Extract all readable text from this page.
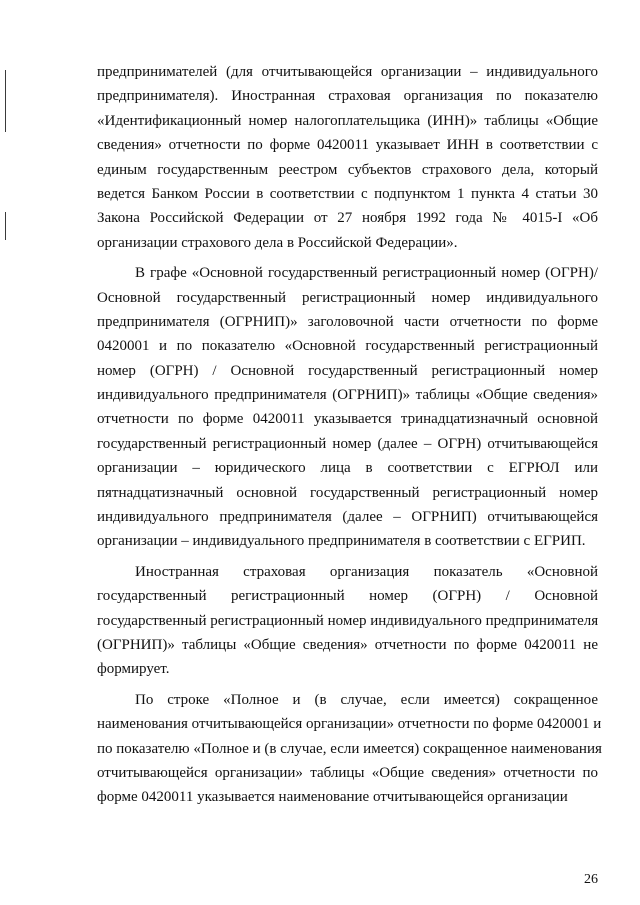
предпринимателей (для отчитывающейся организации – индивидуального
предпринимателя). Иностранная страховая организация по показателю
«Идентификационный номер налогоплательщика (ИНН)» таблицы «Общие
сведения» отчетности по форме 0420011 указывает ИНН в соответствии с
единым государственным реестром субъектов страхового дела, который
ведется Банком России в соответствии с подпунктом 1 пункта 4 статьи 30
Закона Российской Федерации от 27 ноября 1992 года № 4015-I «Об
организации страхового дела в Российской Федерации».
В графе «Основной государственный регистрационный номер (ОГРН)/
Основной государственный регистрационный номер индивидуального
предпринимателя (ОГРНИП)» заголовочной части отчетности по форме
0420001 и по показателю «Основной государственный регистрационный
номер (ОГРН) / Основной государственный регистрационный номер
индивидуального предпринимателя (ОГРНИП)» таблицы «Общие сведения»
отчетности по форме 0420011 указывается тринадцатизначный основной
государственный регистрационный номер (далее – ОГРН) отчитывающейся
организации – юридического лица в соответствии с ЕГРЮЛ или
пятнадцатизначный основной государственный регистрационный номер
индивидуального предпринимателя (далее – ОГРНИП) отчитывающейся
организации – индивидуального предпринимателя в соответствии с ЕГРИП.
Иностранная страховая организация показатель «Основной
государственный регистрационный номер (ОГРН) / Основной
государственный регистрационный номер индивидуального предпринимателя
(ОГРНИП)» таблицы «Общие сведения» отчетности по форме 0420011 не
формирует.
По строке «Полное и (в случае, если имеется) сокращенное
наименования отчитывающейся организации» отчетности по форме 0420001 и
по показателю «Полное и (в случае, если имеется) сокращенное наименования
отчитывающейся организации» таблицы «Общие сведения» отчетности по
форме 0420011 указывается наименование отчитывающейся организации
26
